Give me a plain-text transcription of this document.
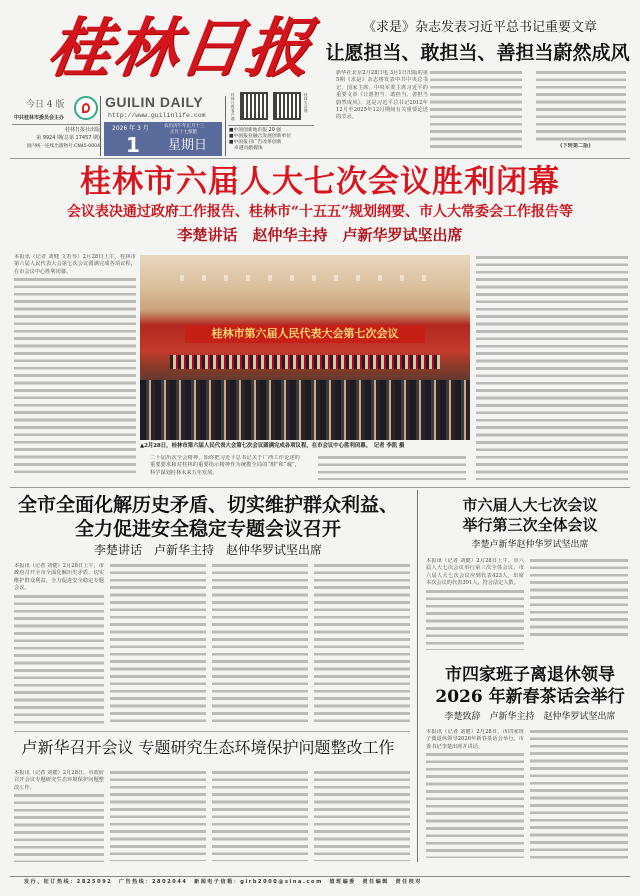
桂林日报
今日 4 版
中共桂林市委员会主办
桂林日报社出版
第 9924 期(总第 17457 期)
国内统一连续出版物号:CN45-0004
GUILIN DAILY
http://www.guilinlife.com
2026 年 3 月	农历丙午年正月十三
正月十七惊蛰
1 星期日
桂林日报客户端
桂林生活网
■中国创新地市报 20 强
■中国报业融合发展创新单位
■中国报刊广告改革创新
卓越贡献媒体
《求是》杂志发表习近平总书记重要文章
让愿担当、敢担当、善担当蔚然成风
新华社北京2月28日电 3月1日出版的第5期《求是》杂志将发表中共中央总书记、国家主席、中央军委主席习近平的重要文章《让愿担当、敢担当、善担当蔚然成风》。这是习近平总书记2012年12月至2025年12月期间有关重要论述的节录。
(下转第二版)
桂林市六届人大七次会议胜利闭幕
会议表决通过政府工作报告、桂林市“十五五”规划纲要、市人大常委会工作报告等
李楚讲话　赵仲华主持　卢新华罗试坚出席
本报讯（记者 刘健 文若琴）2月28日上午，桂林市第六届人民代表大会第七次会议圆满完成各项议程，在市会议中心胜利闭幕。
桂林市第六届人民代表大会第七次会议
▲2月28日，桂林市第六届人民代表大会第七次会议圆满完成各项议程，在市会议中心胜利闭幕。　记者 李凯 摄
二十届历次全会精神，始终把习近平总书记关于广西工作论述的重要要求和对桂林的重要指示精神作为统揽全局的“纲”和“魂”，科学谋划桂林未来五年发展。
全市全面化解历史矛盾、切实维护群众利益、
全力促进安全稳定专题会议召开
李楚讲话　卢新华主持　赵仲华罗试坚出席
本报讯（记者 刘健）2月28日上午，市政府召开全市全面化解历史矛盾、切实维护群众利益、全力促进安全稳定专题会议。
卢新华召开会议 专题研究生态环境保护问题整改工作
本报讯（记者 刘健）2月28日，市政府召开会议专题研究生态环境保护问题整改工作。
市六届人大七次会议
举行第三次全体会议
李楚卢新华赵仲华罗试坚出席
本报讯（记者 刘健）2月28日上午，市六届人大七次会议举行第三次全体会议。市六届人大七次会议应到代表423人，出席本次会议的代表391人，符合法定人数。
市四家班子离退休领导
2026 年新春茶话会举行
李楚致辞　卢新华主持　赵仲华罗试坚出席
本报讯（记者 刘健）2月28日，市四家班子离退休领导2026年新春茶话会举行。市委书记李楚出席并讲话。
发行、征订热线：2825092　广告热线：2802044　新闻电子信箱：glrb2000@sina.com　值班编委　责任编辑　责任校对
